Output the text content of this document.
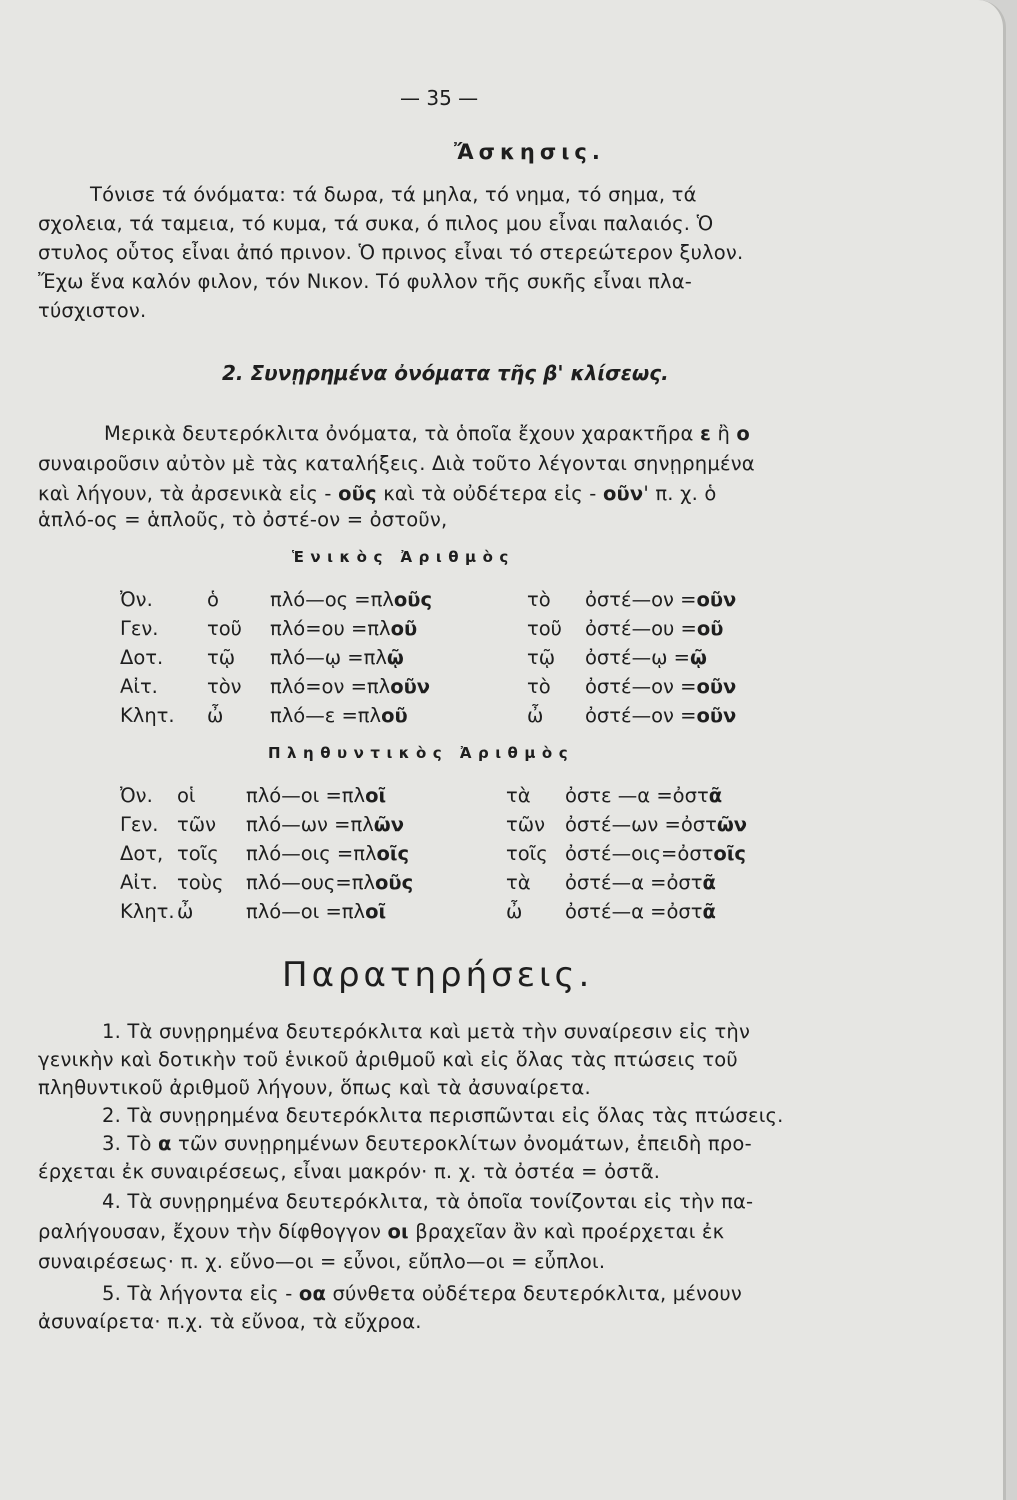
— 35 —
Ἄσκησις.
Τόνισε τά όνόματα: τά δωρα, τά μηλα, τό νημα, τό σημα, τά
σχολεια, τά ταμεια, τό κυμα, τά συκα, ό πιλος μου εἶναι παλαιός. Ὁ
στυλος οὗτος εἶναι ἀπό πρινον. Ὁ πρινος εἶναι τό στερεώτερον ξυλον.
Ἔχω ἕνα καλόν φιλον, τόν Νικον. Τό φυλλον τῆς συκῆς εἶναι πλα-
τύσχιστον.
2. Συνῃρημένα ὀνόματα τῆς β' κλίσεως.
Μερικὰ δευτερόκλιτα ὀνόματα, τὰ ὁποῖα ἔχουν χαρακτῆρα ε ἢ ο
συναιροῦσιν αὐτὸν μὲ τὰς καταλήξεις. Διὰ τοῦτο λέγονται σηνῃρημένα
καὶ λήγουν, τὰ ἀρσενικὰ εἰς - οῦς καὶ τὰ οὐδέτερα εἰς - οῦν' π. χ. ὁ
ἁπλό-ος = ἁπλοῦς, τὸ ὀστέ-ον = ὀστοῦν,
Ἑνικὸς Ἀριθμὸς
Ὀν.	ὁ	πλό—ος =πλοῦς	τὸ ὀστέ—ον =οῦν
Γεν. τοῦ πλό=ου =πλοῦ	τοῦ ὀστέ—ου =οῦ
Δοτ. τῷ πλό—ῳ =πλῷ	τῷ ὀστέ—ῳ =ῷ
Αἰτ.	τὸν πλό=ον =πλοῦν	τὸ ὀστέ—ον =οῦν
Κλητ. ὦ πλό—ε =πλοῦ	ὦ ὀστέ—ον =οῦν
Πληθυντικὸς Ἀριθμὸς
Ὀν. οἱ	πλό—οι =πλοῖ	τὰ ὀστε —α =ὀστᾶ
Γεν. τῶν πλό—ων =πλῶν	τῶν ὀστέ—ων =ὀστῶν
Δοτ, τοῖς πλό—οις =πλοῖς	τοῖς ὀστέ—οις=ὀστοῖς
Αἰτ. τοὺς πλό—ους=πλοῦς	τὰ ὀστέ—α =ὀστᾶ
Κλητ. ὦ	πλό—οι =πλοῖ	ὦ ὀστέ—α =ὀστᾶ
Παρατηρήσεις.
1. Τὰ συνῃρημένα δευτερόκλιτα καὶ μετὰ τὴν συναίρεσιν εἰς τὴν
γενικὴν καὶ δοτικὴν τοῦ ἑνικοῦ ἀριθμοῦ καὶ εἰς ὅλας τὰς πτώσεις τοῦ
πληθυντικοῦ ἀριθμοῦ λήγουν, ὅπως καὶ τὰ ἀσυναίρετα.
2. Τὰ συνῃρημένα δευτερόκλιτα περισπῶνται εἰς ὅλας τὰς πτώσεις.
3. Τὸ α τῶν συνῃρημένων δευτεροκλίτων ὀνομάτων, ἐπειδὴ προ-
έρχεται ἐκ συναιρέσεως, εἶναι μακρόν· π. χ. τὰ ὀστέα = ὀστᾶ.
4. Τὰ συνῃρημένα δευτερόκλιτα, τὰ ὁποῖα τονίζονται εἰς τὴν πα-
ραλήγουσαν, ἔχουν τὴν δίφθογγον οι βραχεῖαν ἂν καὶ προέρχεται ἐκ
συναιρέσεως· π. χ. εὔνο—οι = εὖνοι, εὔπλο—οι = εὖπλοι.
5. Τὰ λήγοντα εἰς - οα σύνθετα οὐδέτερα δευτερόκλιτα, μένουν
ἀσυναίρετα· π.χ. τὰ εὔνοα, τὰ εὔχροα.
